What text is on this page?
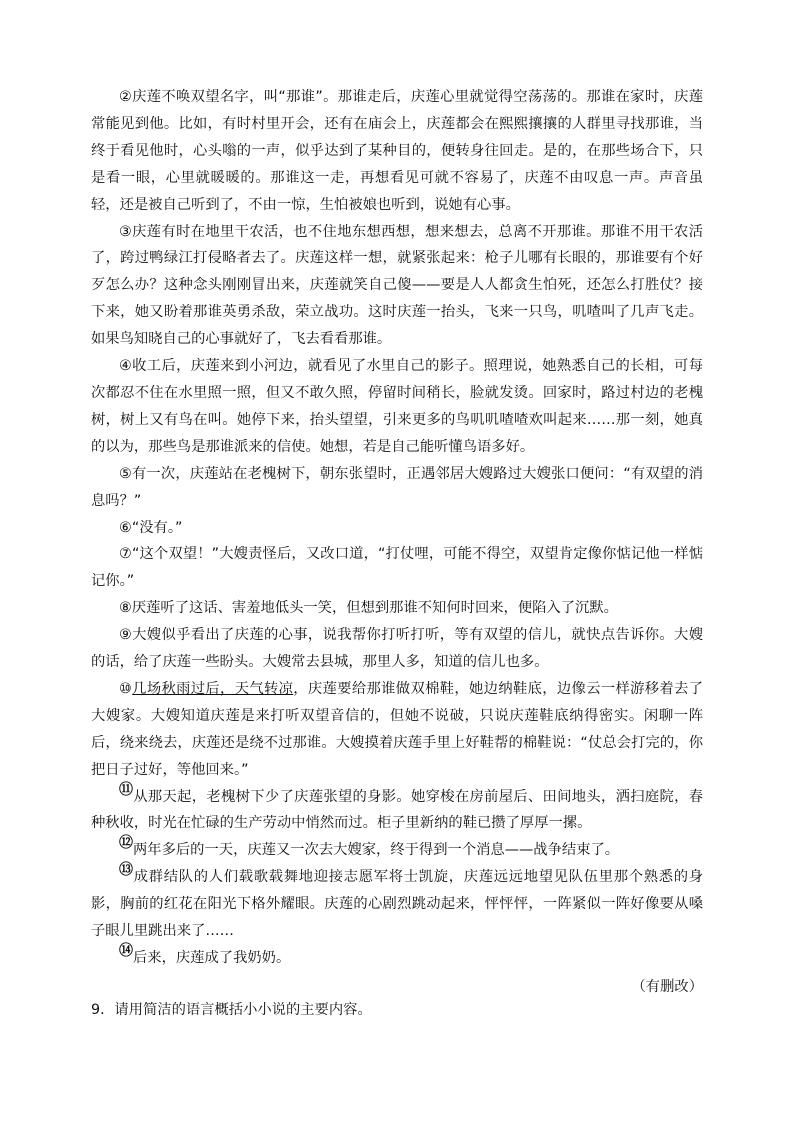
②庆莲不唤双望名字，叫“那谁”。那谁走后，庆莲心里就觉得空荡荡的。那谁在家时，庆莲常能见到他。比如，有时村里开会，还有在庙会上，庆莲都会在熙熙攘攘的人群里寻找那谁，当终于看见他时，心头嗡的一声，似乎达到了某种目的，便转身往回走。是的，在那些场合下，只是看一眼，心里就暖暖的。那谁这一走，再想看见可就不容易了，庆莲不由叹息一声。声音虽轻，还是被自己听到了，不由一惊，生怕被娘也听到，说她有心事。

③庆莲有时在地里干农活，也不住地东想西想，想来想去，总离不开那谁。那谁不用干农活了，跨过鸭绿江打侵略者去了。庆莲这样一想，就紧张起来：枪子儿哪有长眼的，那谁要有个好歹怎么办？这种念头刚刚冒出来，庆莲就笑自己傻——要是人人都贪生怕死，还怎么打胜仗？接下来，她又盼着那谁英勇杀敌，荣立战功。这时庆莲一抬头，飞来一只鸟，叽喳叫了几声飞走。如果鸟知晓自己的心事就好了，飞去看看那谁。

④收工后，庆莲来到小河边，就看见了水里自己的影子。照理说，她熟悉自己的长相，可每次都忍不住在水里照一照，但又不敢久照，停留时间稍长，脸就发烫。回家时，路过村边的老槐树，树上又有鸟在叫。她停下来，抬头望望，引来更多的鸟叽叽喳喳欢叫起来……那一刻，她真的以为，那些鸟是那谁派来的信使。她想，若是自己能听懂鸟语多好。

⑤有一次，庆莲站在老槐树下，朝东张望时，正遇邻居大嫂路过大嫂张口便问：“有双望的消息吗？”

⑥“没有。”

⑦“这个双望！”大嫂责怪后，又改口道，“打仗哩，可能不得空，双望肯定像你惦记他一样惦记你。”

⑧厌莲听了这话、害羞地低头一笑，但想到那谁不知何时回来，便陷入了沉默。

⑨大嫂似乎看出了庆莲的心事，说我帮你打听打听，等有双望的信儿，就快点告诉你。大嫂的话，给了庆莲一些盼头。大嫂常去县城，那里人多，知道的信儿也多。

⑩几场秋雨过后，天气转凉，庆莲要给那谁做双棉鞋，她边纳鞋底，边像云一样游移着去了大嫂家。大嫂知道庆莲是来打听双望音信的，但她不说破，只说庆莲鞋底纳得密实。闲聊一阵后，绕来绕去，庆莲还是绕不过那谁。大嫂摸着庆莲手里上好鞋帮的棉鞋说：“仗总会打完的，你把日子过好，等他回来。”

⑪从那天起，老槐树下少了庆莲张望的身影。她穿梭在房前屋后、田间地头，洒扫庭院，春种秋收，时光在忙碌的生产劳动中悄然而过。柜子里新纳的鞋已攒了厚厚一摞。

⑫两年多后的一天，庆莲又一次去大嫂家，终于得到一个消息——战争结束了。

⑬成群结队的人们载歌载舞地迎接志愿军将士凯旋，庆莲远远地望见队伍里那个熟悉的身影，胸前的红花在阳光下格外耀眼。庆莲的心剧烈跳动起来，怦怦怦，一阵紧似一阵好像要从嗓子眼儿里跳出来了……

⑭后来，庆莲成了我奶奶。

（有删改）

9．请用简洁的语言概括小小说的主要内容。
